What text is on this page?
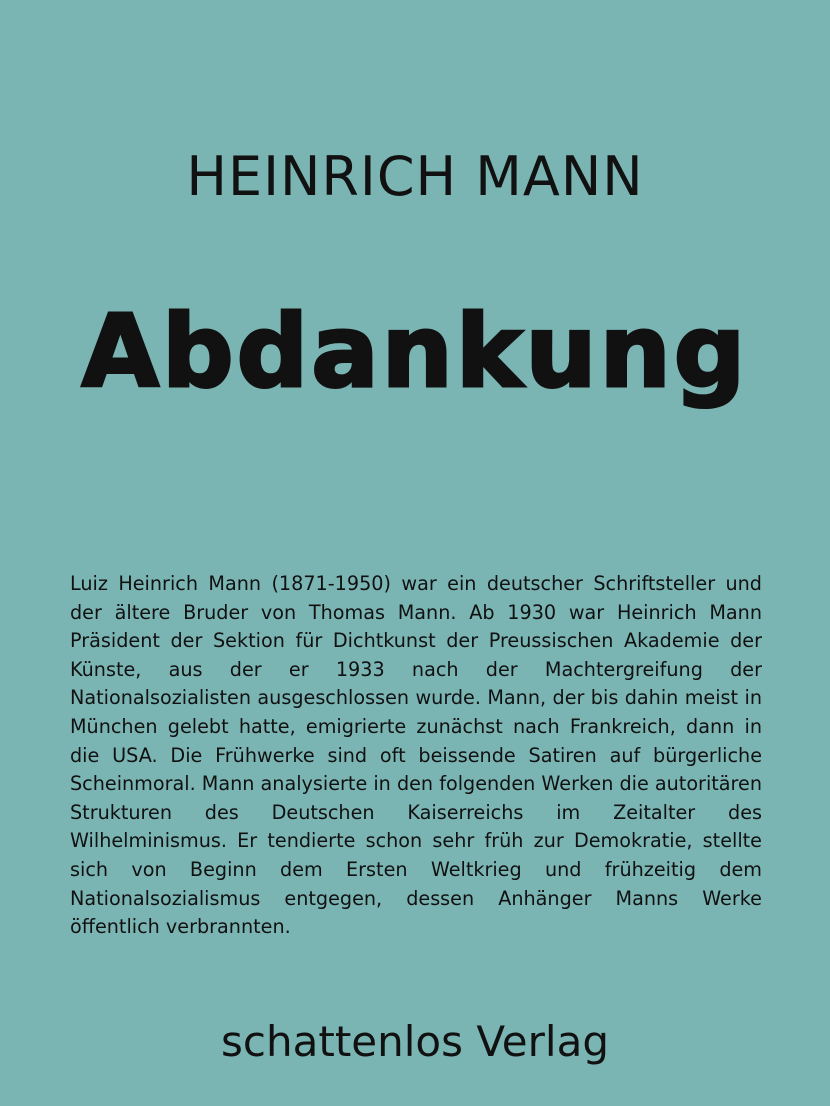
HEINRICH MANN
Abdankung

Luiz Heinrich Mann (1871-1950) war ein deutscher Schriftsteller und der ältere Bruder von Thomas Mann. Ab 1930 war Heinrich Mann Präsident der Sektion für Dichtkunst der Preussischen Akademie der Künste, aus der er 1933 nach der Machtergreifung der Nationalsozialisten ausgeschlossen wurde. Mann, der bis dahin meist in München gelebt hatte, emigrierte zunächst nach Frankreich, dann in die USA. Die Frühwerke sind oft beissende Satiren auf bürgerliche Scheinmoral. Mann analysierte in den folgenden Werken die autoritären Strukturen des Deutschen Kaiserreichs im Zeitalter des Wilhelminismus. Er tendierte schon sehr früh zur Demokratie, stellte sich von Beginn dem Ersten Weltkrieg und frühzeitig dem Nationalsozialismus entgegen, dessen Anhänger Manns Werke öffentlich verbrannten.

schattenlos Verlag
